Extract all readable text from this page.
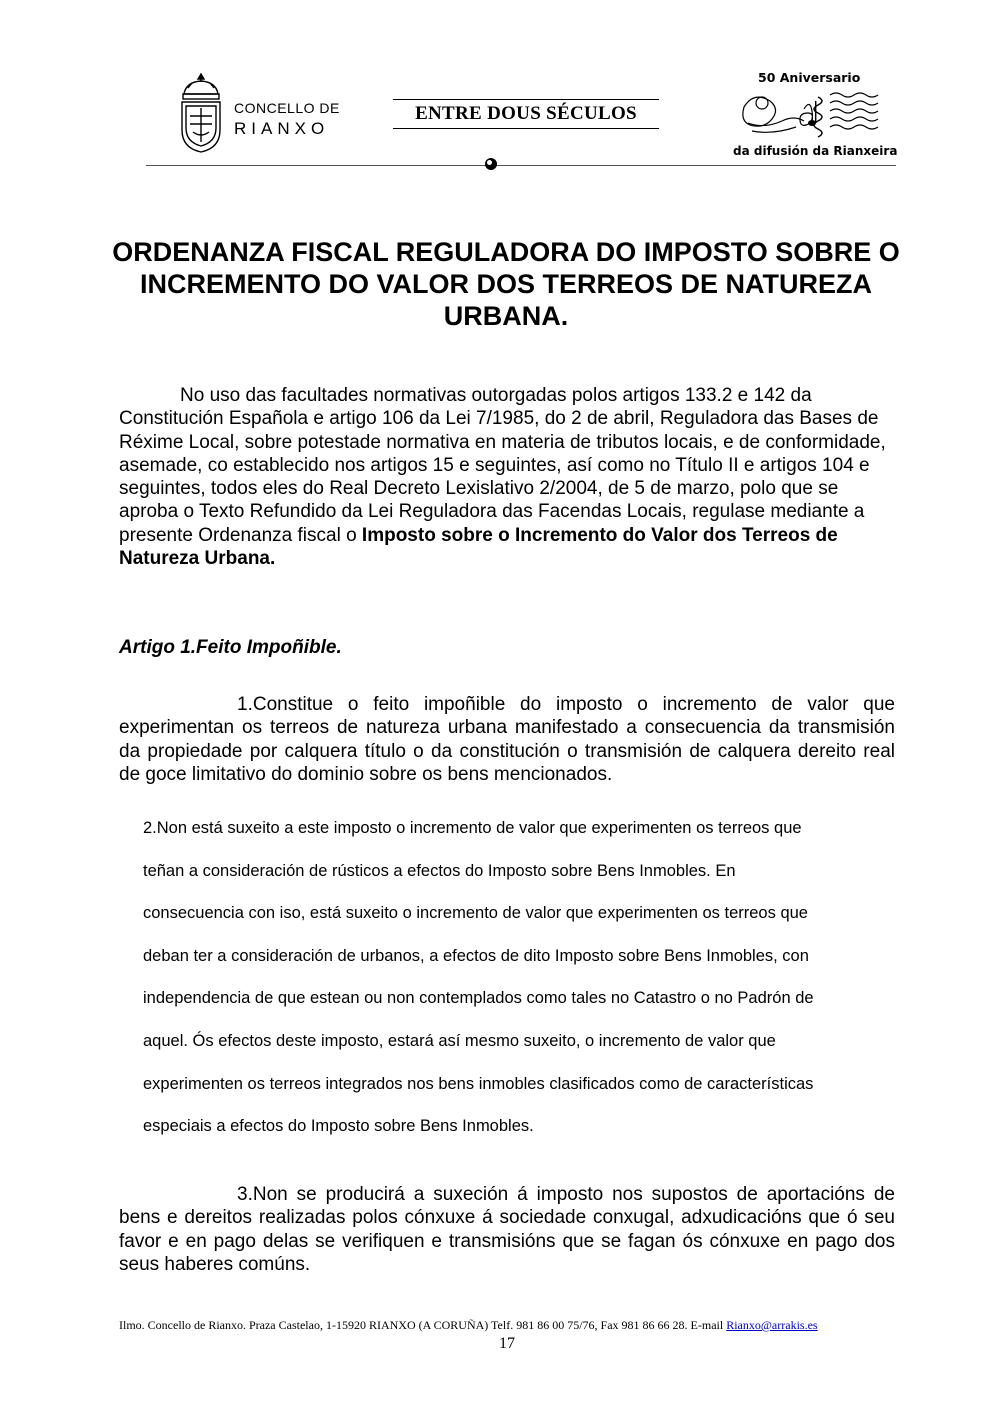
CONCELLO DE
RIANXO
ENTRE DOUS SÉCULOS
50 Aniversario
da difusión da Rianxeira
ORDENANZA FISCAL REGULADORA DO IMPOSTO SOBRE O INCREMENTO DO VALOR DOS TERREOS DE NATUREZA URBANA.

No uso das facultades normativas outorgadas polos artigos 133.2 e 142 da Constitución Española e artigo 106 da Lei 7/1985, do 2 de abril, Reguladora das Bases de Réxime Local, sobre potestade normativa en materia de tributos locais, e de conformidade, asemade, co establecido nos artigos 15 e seguintes, así como no Título II e artigos 104 e seguintes, todos eles do Real Decreto Lexislativo 2/2004, de 5 de marzo, polo que se aproba o Texto Refundido da Lei Reguladora das Facendas Locais, regulase mediante a presente Ordenanza fiscal o Imposto sobre o Incremento do Valor dos Terreos de Natureza Urbana.

Artigo 1.Feito Impoñible.

1.Constitue o feito impoñible do imposto o incremento de valor que experimentan os terreos de natureza urbana manifestado a consecuencia da transmisión da propiedade por calquera título o da constitución o transmisión de calquera dereito real de goce limitativo do dominio sobre os bens mencionados.

2.Non está suxeito a este imposto o incremento de valor que experimenten os terreos que
teñan a consideración de rústicos a efectos do Imposto sobre Bens Inmobles. En
consecuencia con iso, está suxeito o incremento de valor que experimenten os terreos que
deban ter a consideración de urbanos, a efectos de dito Imposto sobre Bens Inmobles, con
independencia de que estean ou non contemplados como tales no Catastro o no Padrón de
aquel. Ós efectos deste imposto, estará así mesmo suxeito, o incremento de valor que
experimenten os terreos integrados nos bens inmobles clasificados como de características
especiais a efectos do Imposto sobre Bens Inmobles.

3.Non se producirá a suxeción á imposto nos supostos de aportacións de bens e dereitos realizadas polos cónxuxe á sociedade conxugal, adxudicacións que ó seu favor e en pago delas se verifiquen e transmisións que se fagan ós cónxuxe en pago dos seus haberes comúns.

Ilmo. Concello de Rianxo. Praza Castelao, 1-15920 RIANXO (A CORUÑA) Telf. 981 86 00 75/76, Fax 981 86 66 28. E-mail Rianxo@arrakis.es
17
